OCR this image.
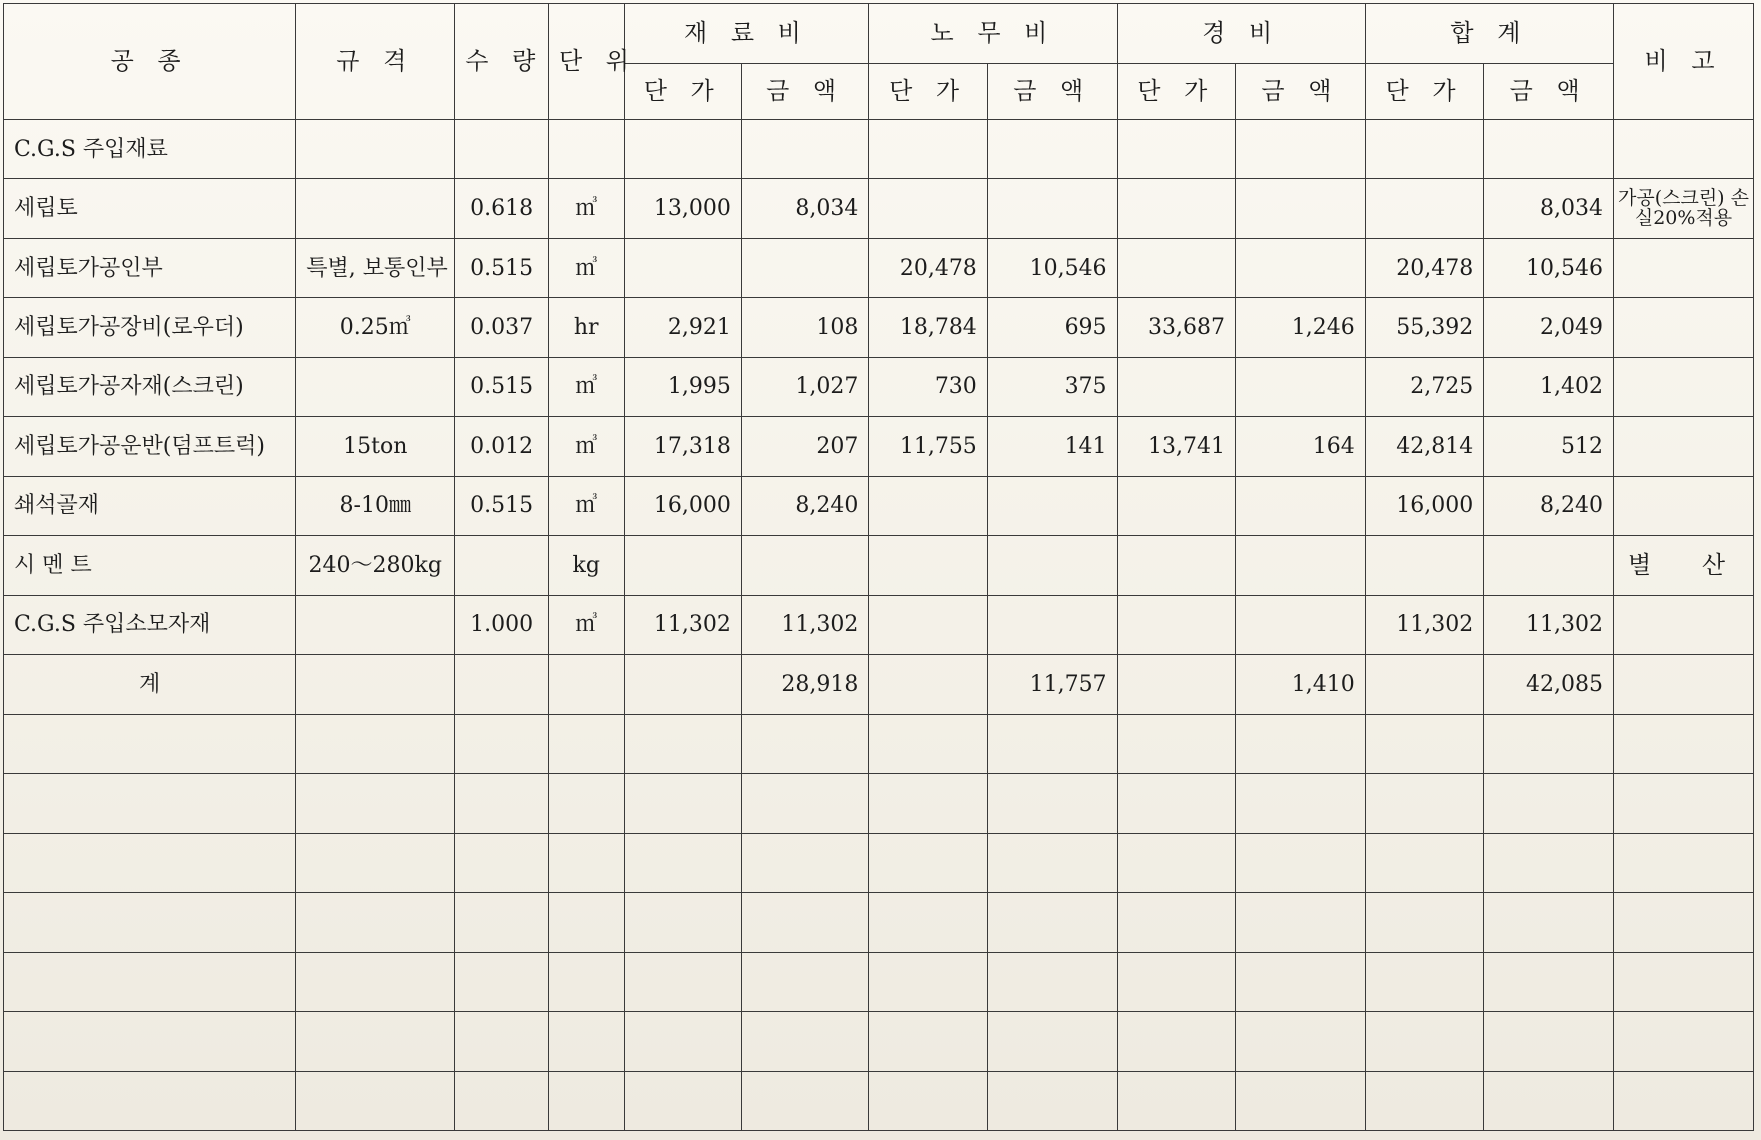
공 종	규 격	수 량	단 위	재 료 비		노 무 비		경 비		합 계		비 고
				단 가	금 액	단 가	금 액	단 가	금 액	단 가	금 액	
C.G.S 주입재료												
세립토		0.618	㎥	13,000	8,034						8,034	가공(스크린) 손실20%적용
세립토가공인부	특별, 보통인부	0.515	㎥			20,478	10,546			20,478	10,546	
세립토가공장비(로우더)	0.25㎥	0.037	hr	2,921	108	18,784	695	33,687	1,246	55,392	2,049	
세립토가공자재(스크린)		0.515	㎥	1,995	1,027	730	375			2,725	1,402	
세립토가공운반(덤프트럭)	15ton	0.012	㎥	17,318	207	11,755	141	13,741	164	42,814	512	
쇄석골재	8-10㎜	0.515	㎥	16,000	8,240					16,000	8,240	
시 멘 트	240～280kg		kg									별 산
C.G.S 주입소모자재		1.000	㎥	11,302	11,302					11,302	11,302	
계					28,918		11,757		1,410		42,085	
